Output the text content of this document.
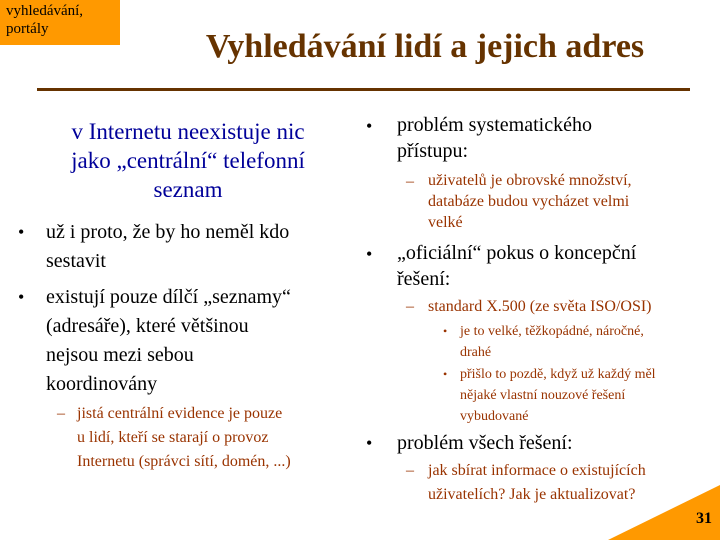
vyhledávání,
portály	Vyhledávání lidí a jejich adres
v Internetu neexistuje nic
jako „centrální“ telefonní
seznam
• už i proto, že by ho neměl kdo
sestavit
• existují pouze dílčí „seznamy“
(adresáře), které většinou
nejsou mezi sebou
koordinovány
– jistá centrální evidence je pouze
u lidí, kteří se starají o provoz
Internetu (správci sítí, domén, ...)
• problém systematického
přístupu:
– uživatelů je obrovské množství,
databáze budou vycházet velmi
velké
• „oficiální“ pokus o koncepční
řešení:
– standard X.500 (ze světa ISO/OSI)
• je to velké, těžkopádné, náročné,
drahé
• přišlo to pozdě, když už každý měl
nějaké vlastní nouzové řešení
vybudované
• problém všech řešení:
– jak sbírat informace o existujících
uživatelích? Jak je aktualizovat?
31
